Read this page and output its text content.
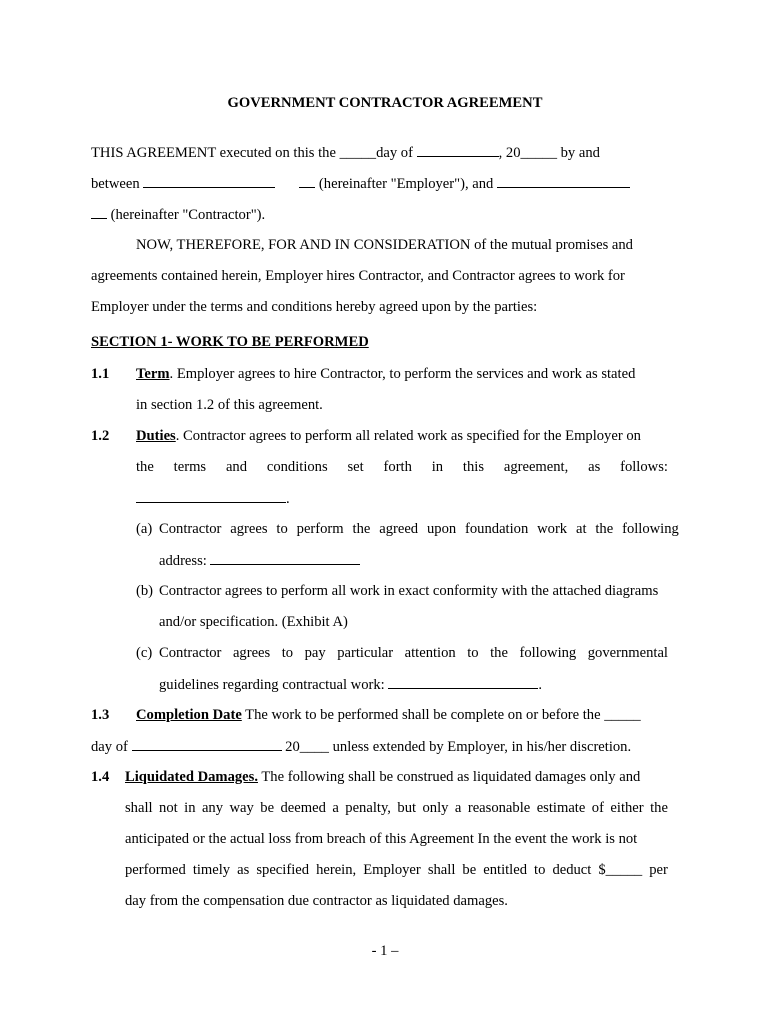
GOVERNMENT CONTRACTOR AGREEMENT
THIS AGREEMENT executed on this the _____day of	, 20_____ by and
between	(hereinafter "Employer"), and
(hereinafter "Contractor").
NOW, THEREFORE, FOR AND IN CONSIDERATION of the mutual promises and
agreements contained herein, Employer hires Contractor, and Contractor agrees to work for
Employer under the terms and conditions hereby agreed upon by the parties:
SECTION 1- WORK TO BE PERFORMED
1.1 Term. Employer agrees to hire Contractor, to perform the services and work as stated
in section 1.2 of this agreement.
1.2 Duties. Contractor agrees to perform all related work as specified for the Employer on
the terms and conditions set forth in this agreement, as follows:
.
(a) Contractor agrees to perform the agreed upon foundation work at the following
address:
(b) Contractor agrees to perform all work in exact conformity with the attached diagrams
and/or specification. (Exhibit A)
(c) Contractor agrees to pay particular attention to the following governmental
guidelines regarding contractual work:	.
1.3 Completion Date The work to be performed shall be complete on or before the _____
day of	20____ unless extended by Employer, in his/her discretion.
1.4 Liquidated Damages. The following shall be construed as liquidated damages only and
shall not in any way be deemed a penalty, but only a reasonable estimate of either the
anticipated or the actual loss from breach of this Agreement In the event the work is not
performed timely as specified herein, Employer shall be entitled to deduct $_____ per
day from the compensation due contractor as liquidated damages.
- 1 –
